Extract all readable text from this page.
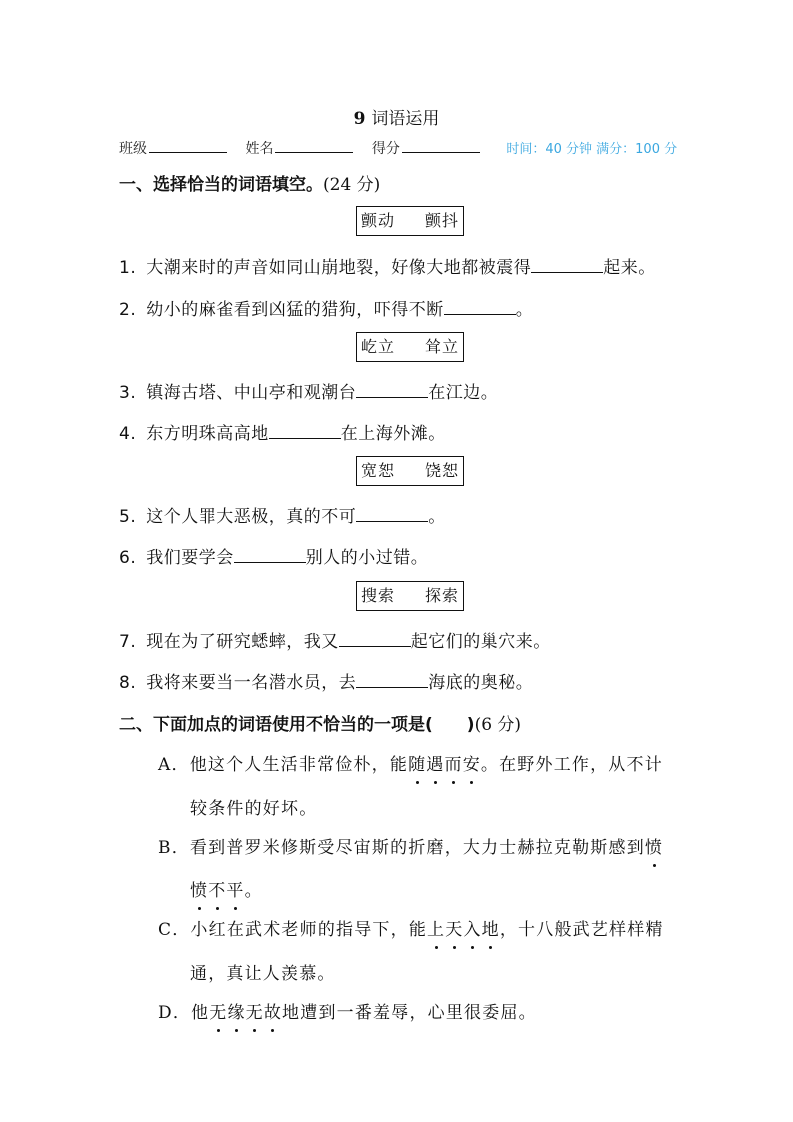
9 词语运用
班级	姓名	得分	时间：40 分钟 满分：100 分
一、选择恰当的词语填空。(24 分)
颤动 颤抖
1. 大潮来时的声音如同山崩地裂，好像大地都被震得	起来。
2. 幼小的麻雀看到凶猛的猎狗，吓得不断	。
屹立 耸立
3. 镇海古塔、中山亭和观潮台	在江边。
4. 东方明珠高高地	在上海外滩。
宽恕 饶恕
5. 这个人罪大恶极，真的不可	。
6. 我们要学会	别人的小过错。
搜索 探索
7. 现在为了研究蟋蟀，我又	起它们的巢穴来。
8. 我将来要当一名潜水员，去	海底的奥秘。
二、下面加点的词语使用不恰当的一项是( )(6 分)
A．他这个人生活非常俭朴，能随遇而安。在野外工作，从不计
较条件的好坏。
B．看到普罗米修斯受尽宙斯的折磨，大力士赫拉克勒斯感到愤
愤不平。
C．小红在武术老师的指导下，能上天入地，十八般武艺样样精
通，真让人羡慕。
D．他无缘无故地遭到一番羞辱，心里很委屈。
